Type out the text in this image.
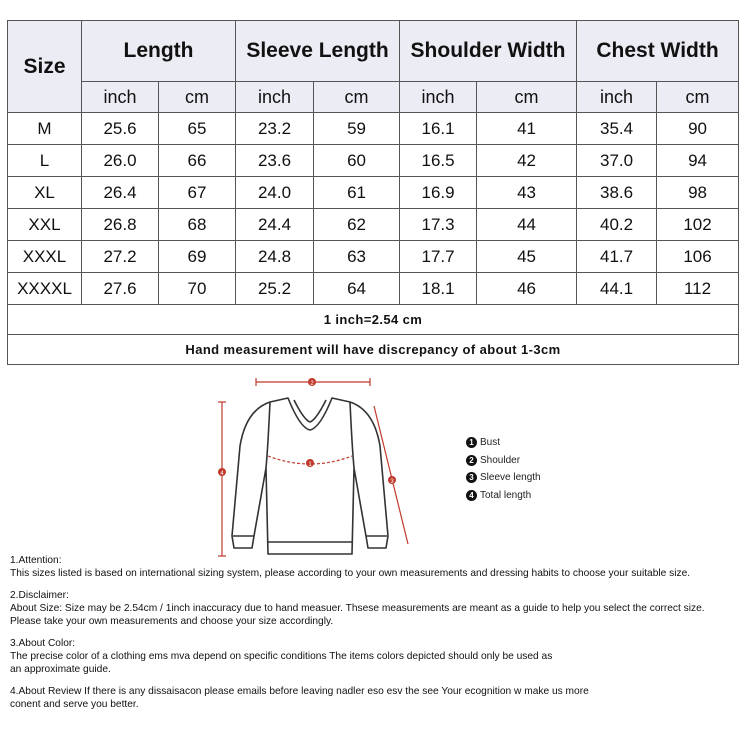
Size	Length		Sleeve Length		Shoulder Width		Chest Width	
	inch	cm	inch	cm	inch	cm	inch	cm
M	25.6	65	23.2	59	16.1	41	35.4	90
L	26.0	66	23.6	60	16.5	42	37.0	94
XL	26.4	67	24.0	61	16.9	43	38.6	98
XXL	26.8	68	24.4	62	17.3	44	40.2	102
XXXL	27.2	69	24.8	63	17.7	45	41.7	106
XXXXL	27.6	70	25.2	64	18.1	46	44.1	112
1 inch=2.54 cm								
Hand measurement will have discrepancy of about 1-3cm								
2
1
3
4
1 Bust
2 Shoulder
3 Sleeve length
4 Total length

1.Attention:

This sizes listed is based on international sizing system, please according to your own measurements and dressing habits to choose your suitable size.

2.Disclaimer:

About Size: Size may be 2.54cm / 1inch inaccuracy due to hand measuer. Thsese measurements are meant as a guide to help you select the correct size.

Please take your own measurements and choose your size accordingly.

3.About Color:

The precise color of a clothing ems mva depend on specific conditions The items colors depicted should only be used as

an approximate guide.

4.About Review If there is any dissaisacon please emails before leaving nadler eso esv the see Your ecognition w make us more

conent and serve you better.
